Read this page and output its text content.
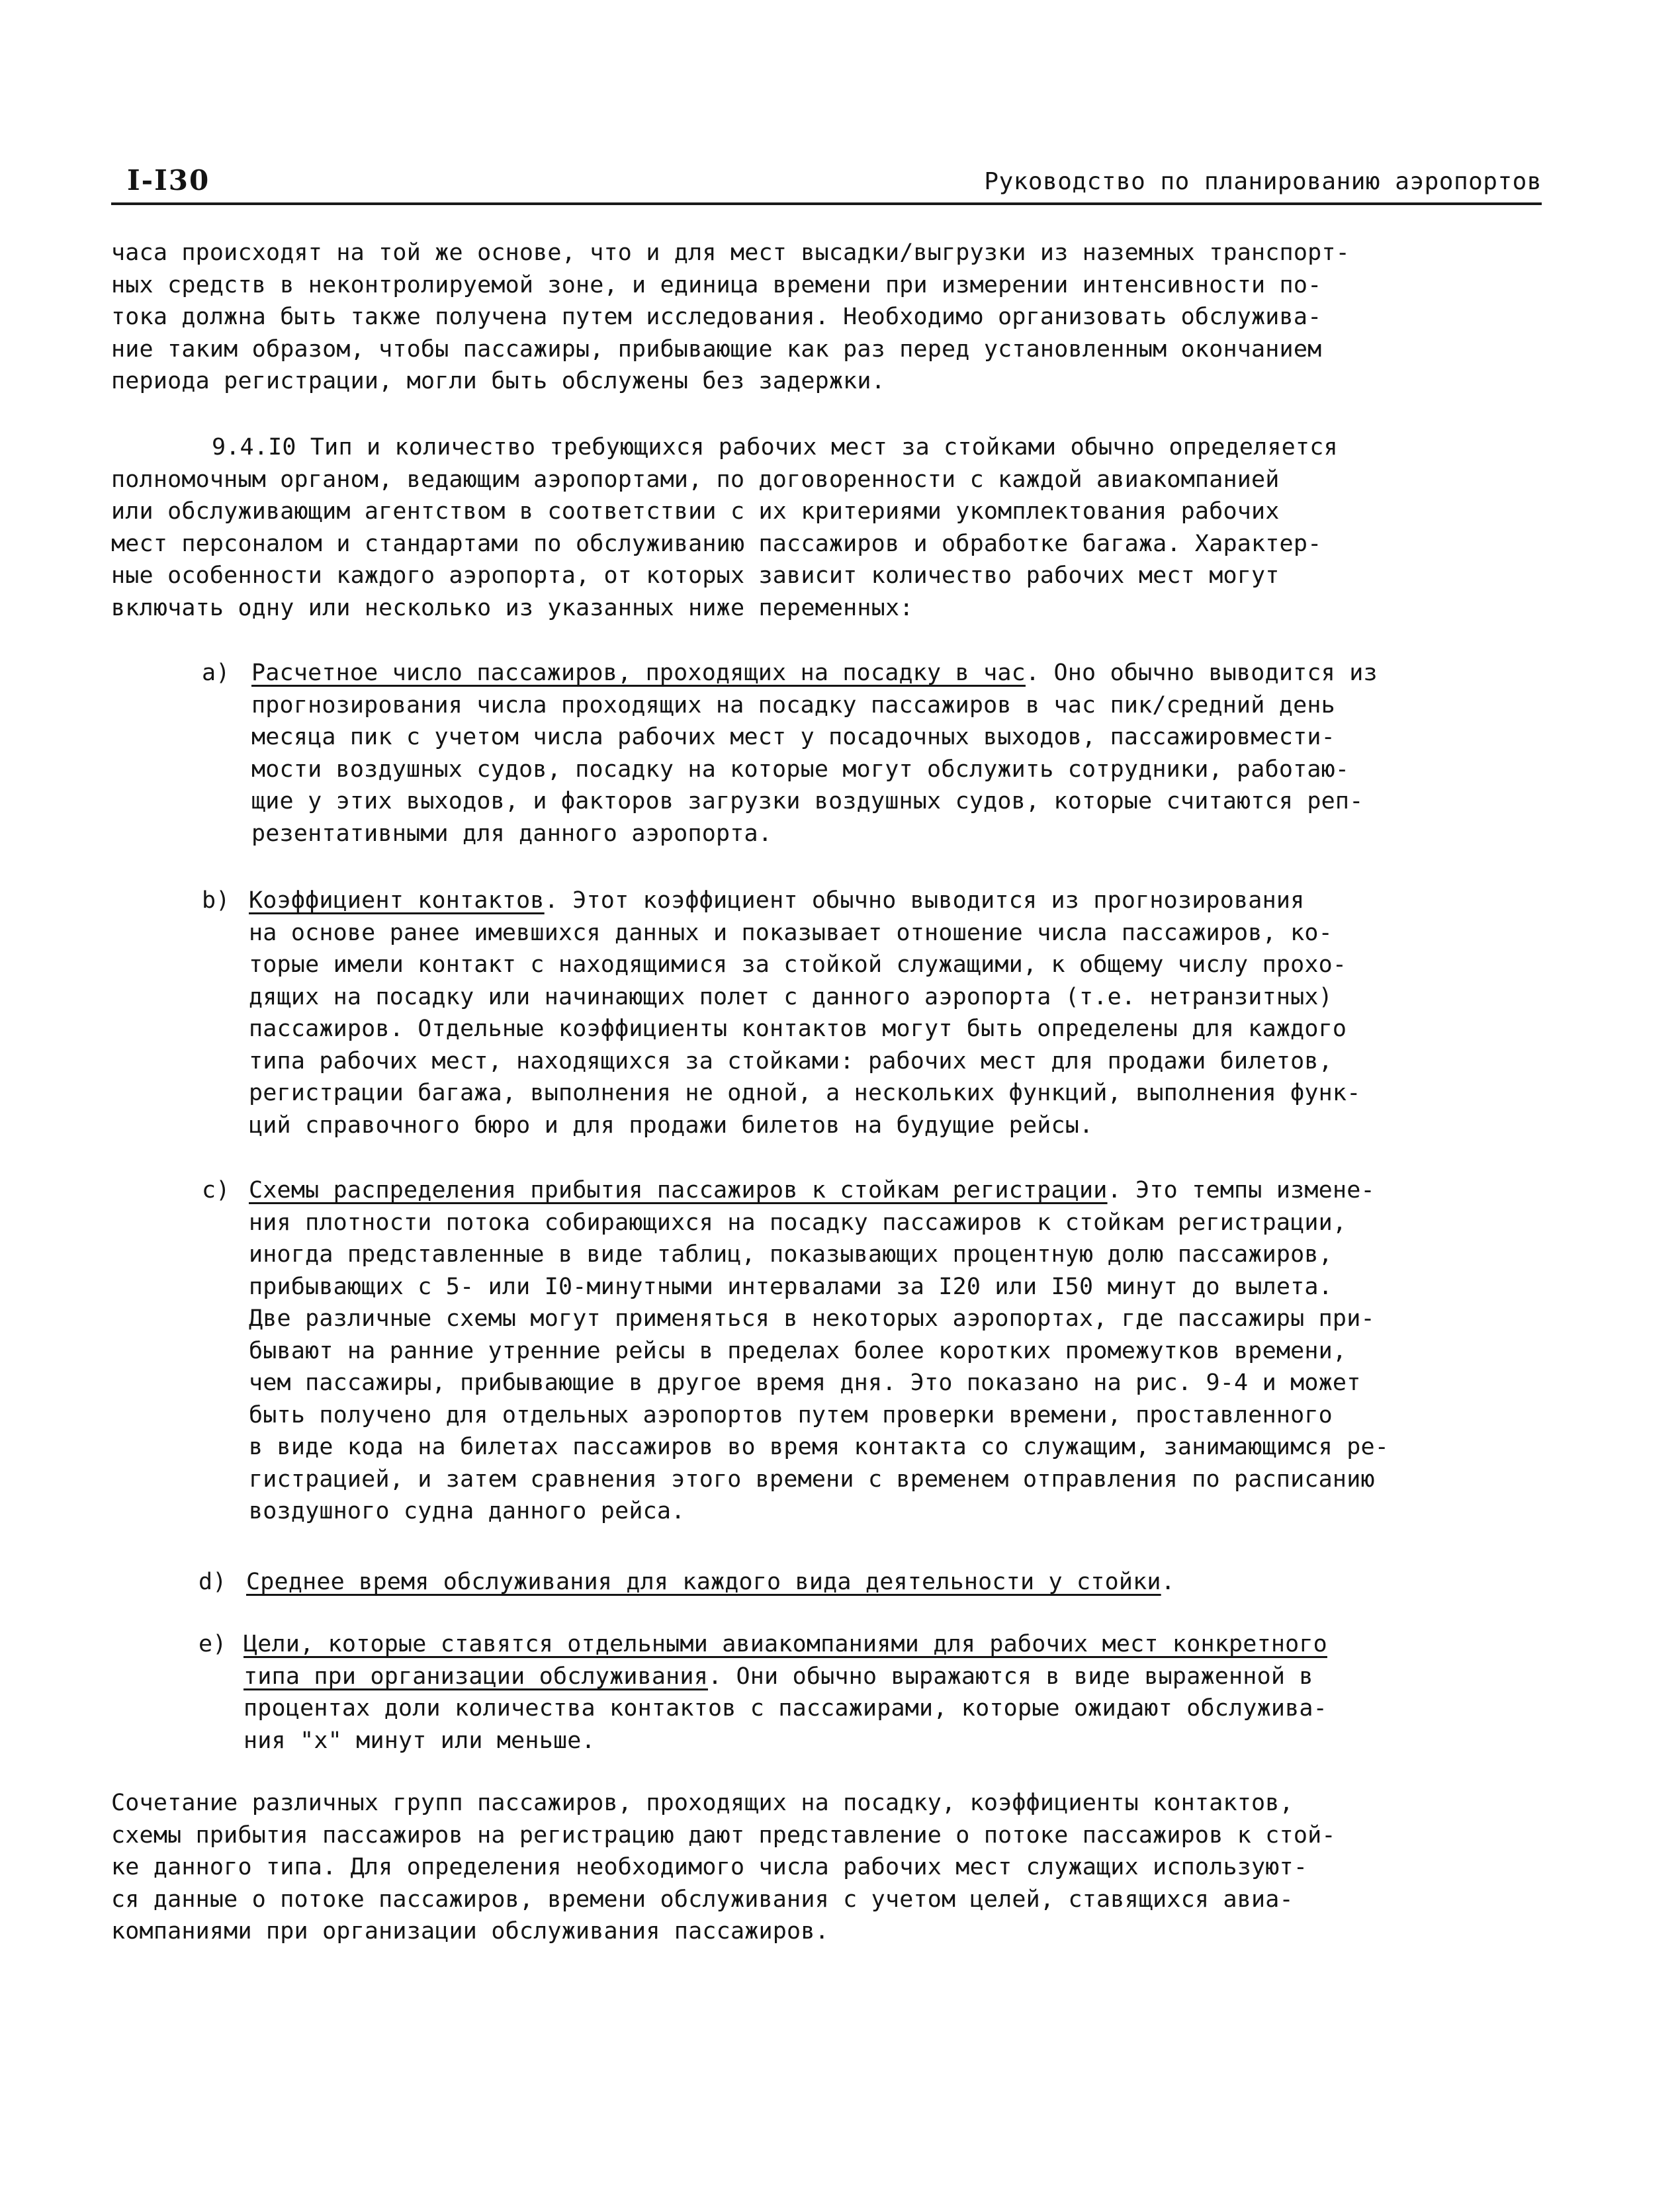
I-I30	Руководство по планированию аэропортов
часа происходят на той же основе, что и для мест высадки/выгрузки из наземных транспорт-
ных средств в неконтролируемой зоне, и единица времени при измерении интенсивности по-
тока должна быть также получена путем исследования. Необходимо организовать обслужива-
ние таким образом, чтобы пассажиры, прибывающие как раз перед установленным окончанием
периода регистрации, могли быть обслужены без задержки.
9.4.I0 Тип и количество требующихся рабочих мест за стойками обычно определяется
полномочным органом, ведающим аэропортами, по договоренности с каждой авиакомпанией
или обслуживающим агентством в соответствии с их критериями укомплектования рабочих
мест персоналом и стандартами по обслуживанию пассажиров и обработке багажа. Характер-
ные особенности каждого аэропорта, от которых зависит количество рабочих мест могут
включать одну или несколько из указанных ниже переменных:
a) Расчетное число пассажиров, проходящих на посадку в час. Оно обычно выводится из
прогнозирования числа проходящих на посадку пассажиров в час пик/средний день
месяца пик с учетом числа рабочих мест у посадочных выходов, пассажировмести-
мости воздушных судов, посадку на которые могут обслужить сотрудники, работаю-
щие у этих выходов, и факторов загрузки воздушных судов, которые считаются реп-
резентативными для данного аэропорта.
b) Коэффициент контактов. Этот коэффициент обычно выводится из прогнозирования
на основе ранее имевшихся данных и показывает отношение числа пассажиров, ко-
торые имели контакт с находящимися за стойкой служащими, к общему числу прохо-
дящих на посадку или начинающих полет с данного аэропорта (т.е. нетранзитных)
пассажиров. Отдельные коэффициенты контактов могут быть определены для каждого
типа рабочих мест, находящихся за стойками: рабочих мест для продажи билетов,
регистрации багажа, выполнения не одной, а нескольких функций, выполнения функ-
ций справочного бюро и для продажи билетов на будущие рейсы.
c) Схемы распределения прибытия пассажиров к стойкам регистрации. Это темпы измене-
ния плотности потока собирающихся на посадку пассажиров к стойкам регистрации,
иногда представленные в виде таблиц, показывающих процентную долю пассажиров,
прибывающих с 5- или I0-минутными интервалами за I20 или I50 минут до вылета.
Две различные схемы могут применяться в некоторых аэропортах, где пассажиры при-
бывают на ранние утренние рейсы в пределах более коротких промежутков времени,
чем пассажиры, прибывающие в другое время дня. Это показано на рис. 9-4 и может
быть получено для отдельных аэропортов путем проверки времени, проставленного
в виде кода на билетах пассажиров во время контакта со служащим, занимающимся ре-
гистрацией, и затем сравнения этого времени с временем отправления по расписанию
воздушного судна данного рейса.
d) Среднее время обслуживания для каждого вида деятельности у стойки.
e) Цели, которые ставятся отдельными авиакомпаниями для рабочих мест конкретного
типа при организации обслуживания. Они обычно выражаются в виде выраженной в
процентах доли количества контактов с пассажирами, которые ожидают обслужива-
ния "x" минут или меньше.
Сочетание различных групп пассажиров, проходящих на посадку, коэффициенты контактов,
схемы прибытия пассажиров на регистрацию дают представление о потоке пассажиров к стой-
ке данного типа. Для определения необходимого числа рабочих мест служащих используют-
ся данные о потоке пассажиров, времени обслуживания с учетом целей, ставящихся авиа-
компаниями при организации обслуживания пассажиров.
